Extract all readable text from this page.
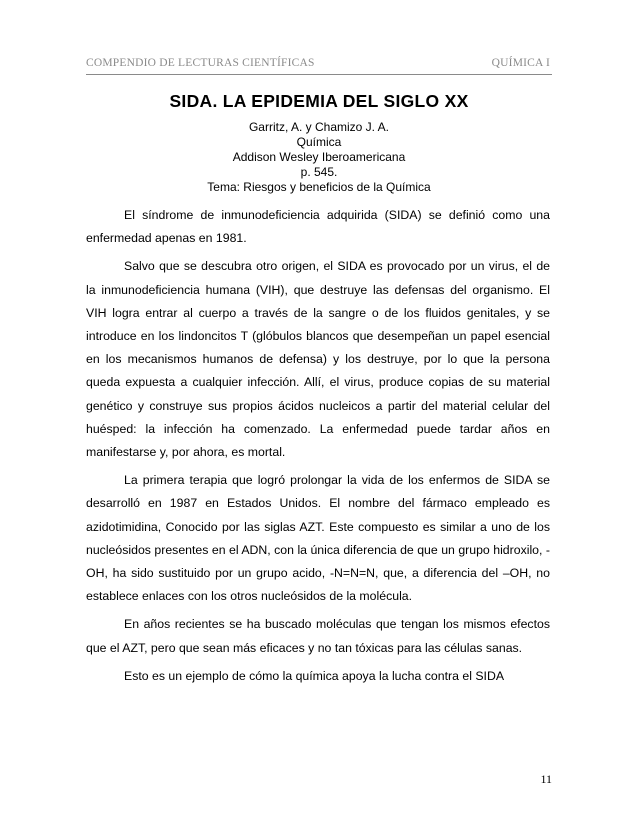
COMPENDIO DE LECTURAS CIENTÍFICAS	QUÍMICA I
SIDA. LA EPIDEMIA DEL SIGLO XX
Garritz, A. y Chamizo J. A.
Química
Addison Wesley Iberoamericana
p. 545.
Tema: Riesgos y beneficios de la Química

El síndrome de inmunodeficiencia adquirida (SIDA) se definió como una enfermedad apenas en 1981.

Salvo que se descubra otro origen, el SIDA es provocado por un virus, el de la inmunodeficiencia humana (VIH), que destruye las defensas del organismo. El VIH logra entrar al cuerpo a través de la sangre o de los fluidos genitales, y se introduce en los lindoncitos T (glóbulos blancos que desempeñan un papel esencial en los mecanismos humanos de defensa) y los destruye, por lo que la persona queda expuesta a cualquier infección. Allí, el virus, produce copias de su material genético y construye sus propios ácidos nucleicos a partir del material celular del huésped: la infección ha comenzado. La enfermedad puede tardar años en manifestarse y, por ahora, es mortal.

La primera terapia que logró prolongar la vida de los enfermos de SIDA se desarrolló en 1987 en Estados Unidos. El nombre del fármaco empleado es azidotimidina, Conocido por las siglas AZT. Este compuesto es similar a uno de los nucleósidos presentes en el ADN, con la única diferencia de que un grupo hidroxilo, -OH, ha sido sustituido por un grupo acido, -N=N=N, que, a diferencia del –OH, no establece enlaces con los otros nucleósidos de la molécula.

En años recientes se ha buscado moléculas que tengan los mismos efectos que el AZT, pero que sean más eficaces y no tan tóxicas para las células sanas.

Esto es un ejemplo de cómo la química apoya la lucha contra el SIDA

11
